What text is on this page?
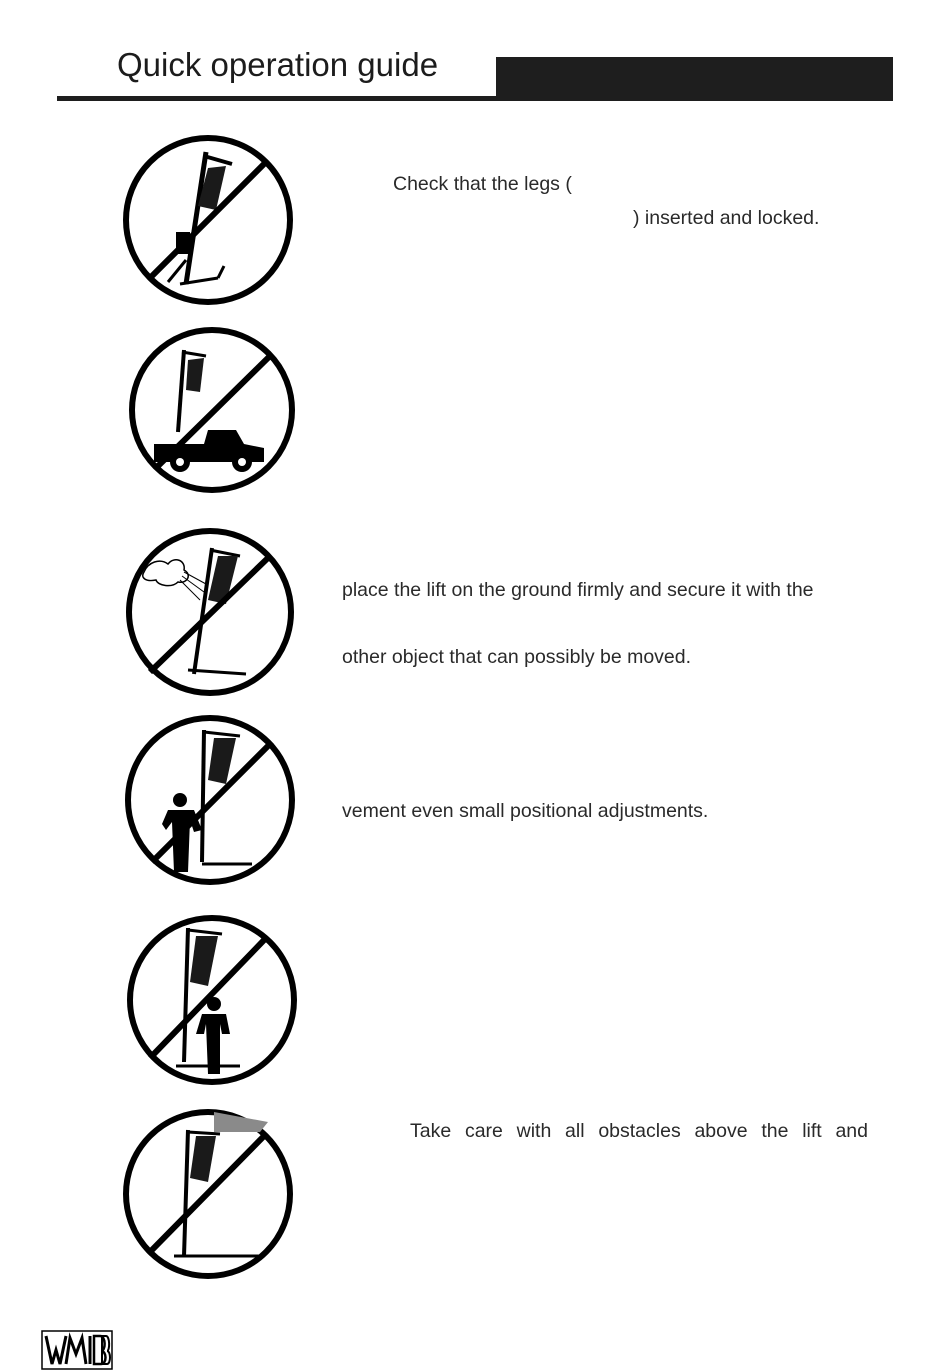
Quick operation guide
Check that the legs (
) inserted and locked.
place the lift on the ground firmly and secure it with the
other object that can possibly be moved.
vement even small positional adjustments.
Take care with all obstacles above the lift and
